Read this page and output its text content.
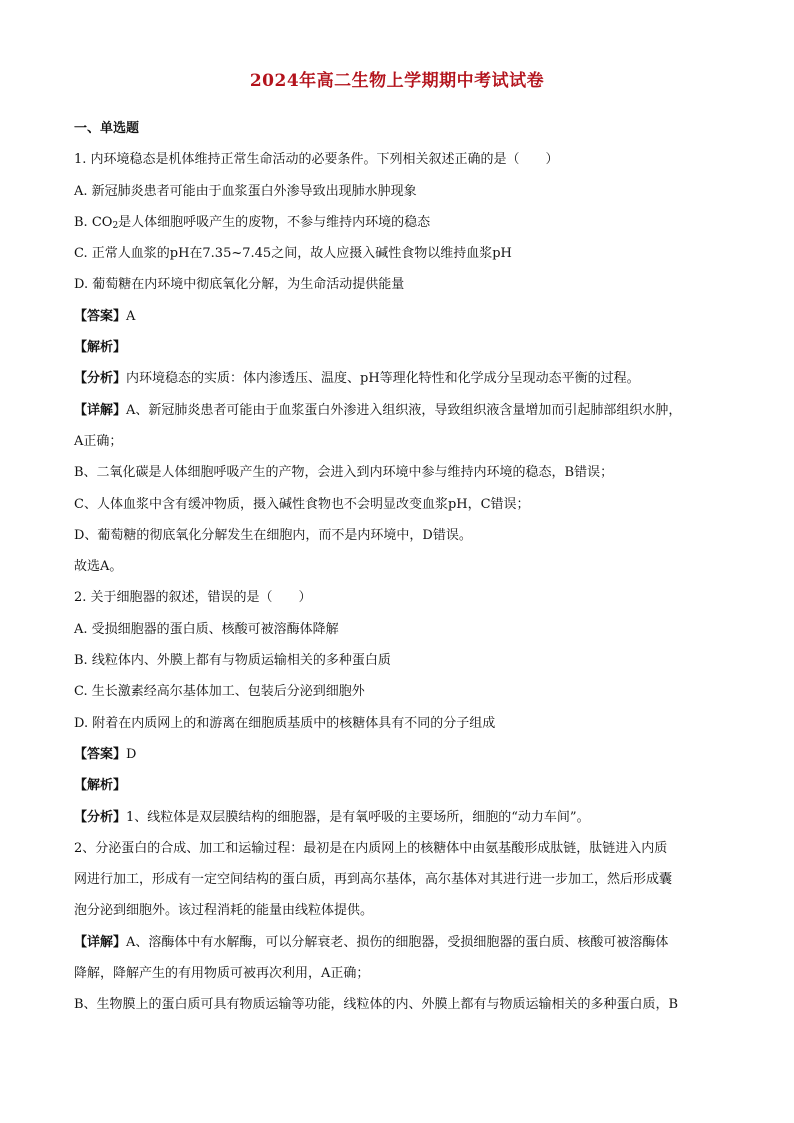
2024年高二生物上学期期中考试试卷
一、单选题
1. 内环境稳态是机体维持正常生命活动的必要条件。下列相关叙述正确的是（　　）
A. 新冠肺炎患者可能由于血浆蛋白外渗导致出现肺水肿现象
B. $CO_2$是人体细胞呼吸产生的废物，不参与维持内环境的稳态
C. 正常人血浆的pH在7.35~7.45之间，故人应摄入碱性食物以维持血浆pH
D. 葡萄糖在内环境中彻底氧化分解，为生命活动提供能量
【答案】A
【解析】
【分析】内环境稳态的实质：体内渗透压、温度、pH等理化特性和化学成分呈现动态平衡的过程。
【详解】A、新冠肺炎患者可能由于血浆蛋白外渗进入组织液，导致组织液含量增加而引起肺部组织水肿，
A正确；
B、二氧化碳是人体细胞呼吸产生的产物，会进入到内环境中参与维持内环境的稳态，B错误；
C、人体血浆中含有缓冲物质，摄入碱性食物也不会明显改变血浆pH，C错误；
D、葡萄糖的彻底氧化分解发生在细胞内，而不是内环境中，D错误。
故选A。
2. 关于细胞器的叙述，错误的是（　　）
A. 受损细胞器的蛋白质、核酸可被溶酶体降解
B. 线粒体内、外膜上都有与物质运输相关的多种蛋白质
C. 生长激素经高尔基体加工、包装后分泌到细胞外
D. 附着在内质网上的和游离在细胞质基质中的核糖体具有不同的分子组成
【答案】D
【解析】
【分析】1、线粒体是双层膜结构的细胞器，是有氧呼吸的主要场所，细胞的“动力车间”。
2、分泌蛋白的合成、加工和运输过程：最初是在内质网上的核糖体中由氨基酸形成肽链，肽链进入内质
网进行加工，形成有一定空间结构的蛋白质，再到高尔基体，高尔基体对其进行进一步加工，然后形成囊
泡分泌到细胞外。该过程消耗的能量由线粒体提供。
【详解】A、溶酶体中有水解酶，可以分解衰老、损伤的细胞器，受损细胞器的蛋白质、核酸可被溶酶体
降解，降解产生的有用物质可被再次利用，A正确；
B、生物膜上的蛋白质可具有物质运输等功能，线粒体的内、外膜上都有与物质运输相关的多种蛋白质，B
